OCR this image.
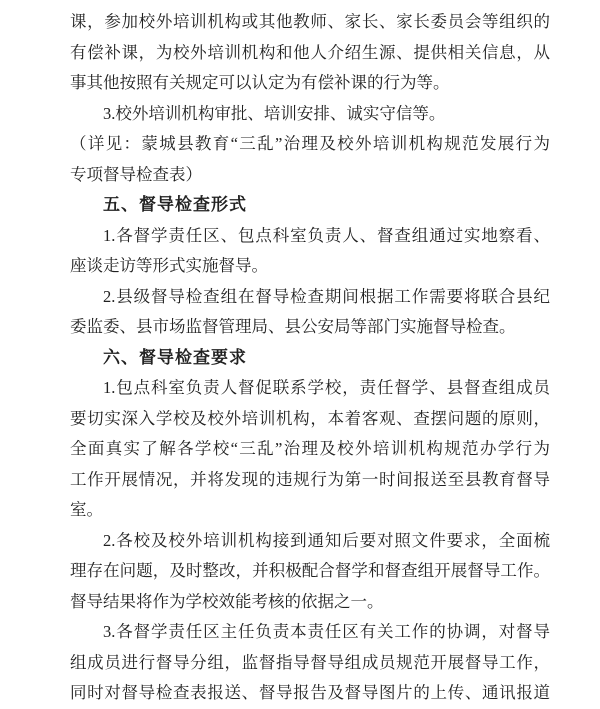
课，参加校外培训机构或其他教师、家长、家长委员会等组织的
有偿补课，为校外培训机构和他人介绍生源、提供相关信息，从
事其他按照有关规定可以认定为有偿补课的行为等。
3.校外培训机构审批、培训安排、诚实守信等。
（详见：蒙城县教育“三乱”治理及校外培训机构规范发展行为
专项督导检查表）
五、督导检查形式
1.各督学责任区、包点科室负责人、督查组通过实地察看、
座谈走访等形式实施督导。
2.县级督导检查组在督导检查期间根据工作需要将联合县纪
委监委、县市场监督管理局、县公安局等部门实施督导检查。
六、督导检查要求
1.包点科室负责人督促联系学校，责任督学、县督查组成员
要切实深入学校及校外培训机构，本着客观、查摆问题的原则，
全面真实了解各学校“三乱”治理及校外培训机构规范办学行为
工作开展情况，并将发现的违规行为第一时间报送至县教育督导
室。
2.各校及校外培训机构接到通知后要对照文件要求，全面梳
理存在问题，及时整改，并积极配合督学和督查组开展督导工作。
督导结果将作为学校效能考核的依据之一。
3.各督学责任区主任负责本责任区有关工作的协调，对督导
组成员进行督导分组，监督指导督导组成员规范开展督导工作，
同时对督导检查表报送、督导报告及督导图片的上传、通讯报道
